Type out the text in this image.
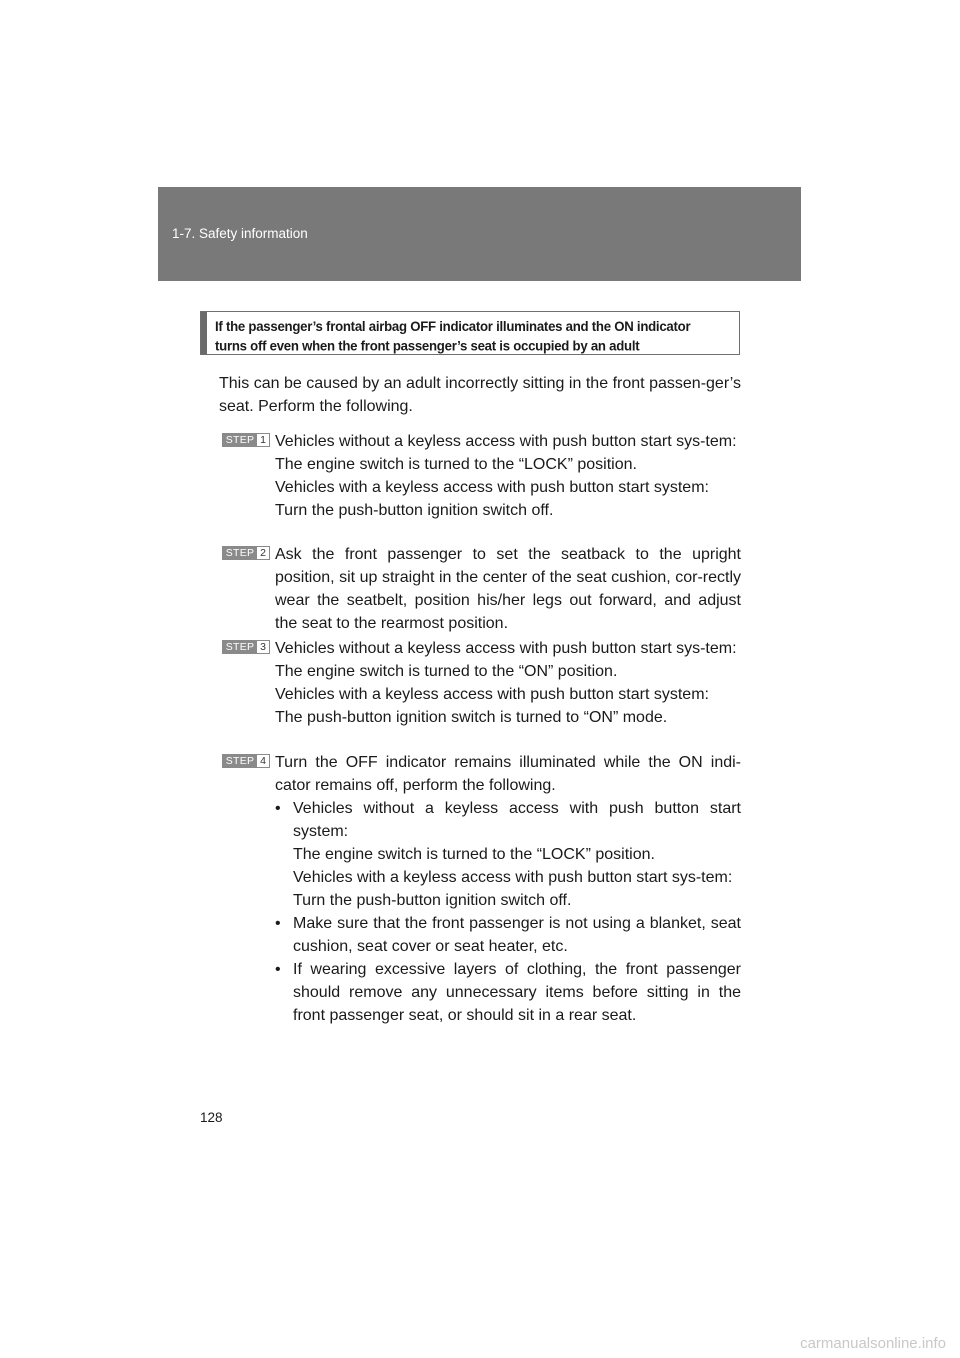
1-7. Safety information
If the passenger’s frontal airbag OFF indicator illuminates and the ON indicator
turns off even when the front passenger’s seat is occupied by an adult
This can be caused by an adult incorrectly sitting in the front passen-ger’s seat. Perform the following.
STEP 1 Vehicles without a keyless access with push button start sys-tem:

The engine switch is turned to the “LOCK” position.

Vehicles with a keyless access with push button start system:

Turn the push-button ignition switch off.

STEP 2 Ask the front passenger to set the seatback to the upright position, sit up straight in the center of the seat cushion, cor-rectly wear the seatbelt, position his/her legs out forward, and adjust the seat to the rearmost position.

STEP 3 Vehicles without a keyless access with push button start sys-tem:

The engine switch is turned to the “ON” position.

Vehicles with a keyless access with push button start system:

The push-button ignition switch is turned to “ON” mode.

STEP 4 Turn the OFF indicator remains illuminated while the ON indi-cator remains off, perform the following.

• Vehicles without a keyless access with push button start system:

The engine switch is turned to the “LOCK” position.

Vehicles with a keyless access with push button start sys-tem:

Turn the push-button ignition switch off.

• Make sure that the front passenger is not using a blanket, seat cushion, seat cover or seat heater, etc.

• If wearing excessive layers of clothing, the front passenger should remove any unnecessary items before sitting in the front passenger seat, or should sit in a rear seat.

128
carmanualsonline.info
